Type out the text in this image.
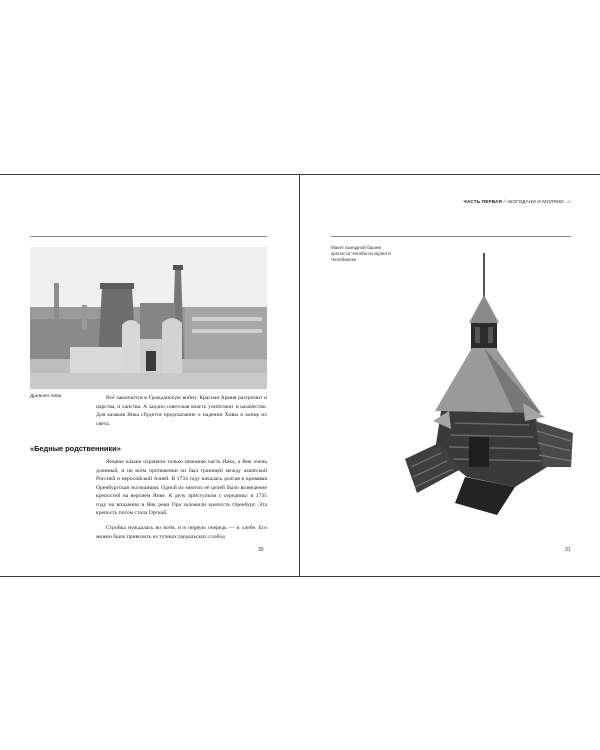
ЧАСТЬ ПЕРВАЯ / «БОГОДАНИ И МОЛЯНИ...»
Древняя Хива	Всё закончится в Гражданскую войну. Красная Армия разгромит и царства, и ханства. А заодно советская власть уничтожит и казачество. Для казаков Яика сбудется предсказание о падении Хивы и конце их света.

«Бедные родственники»

Яицкие казаки охраняли только нижнюю часть Яика, а Яик очень длинный, и на всём протяжении он был границей между азиатской Россией и неросийской Азией. В 1734 году началась долгая и кровавая Оренбургская экспедиция. Одной из многих её целей было возведение крепостей на верхнем Яике. К делу приступили с середины: в 1735 году на впадении в Яик реки Ора заложили крепость Оренбург. Эта крепость потом стала Орской.

Стройка нуждалась во всём, и в первую очередь — в хлебе. Его можно было привозить из тучных зауральских слобод

30
Макет выездной башни крепости Челяба из музея в Челябинске
31
